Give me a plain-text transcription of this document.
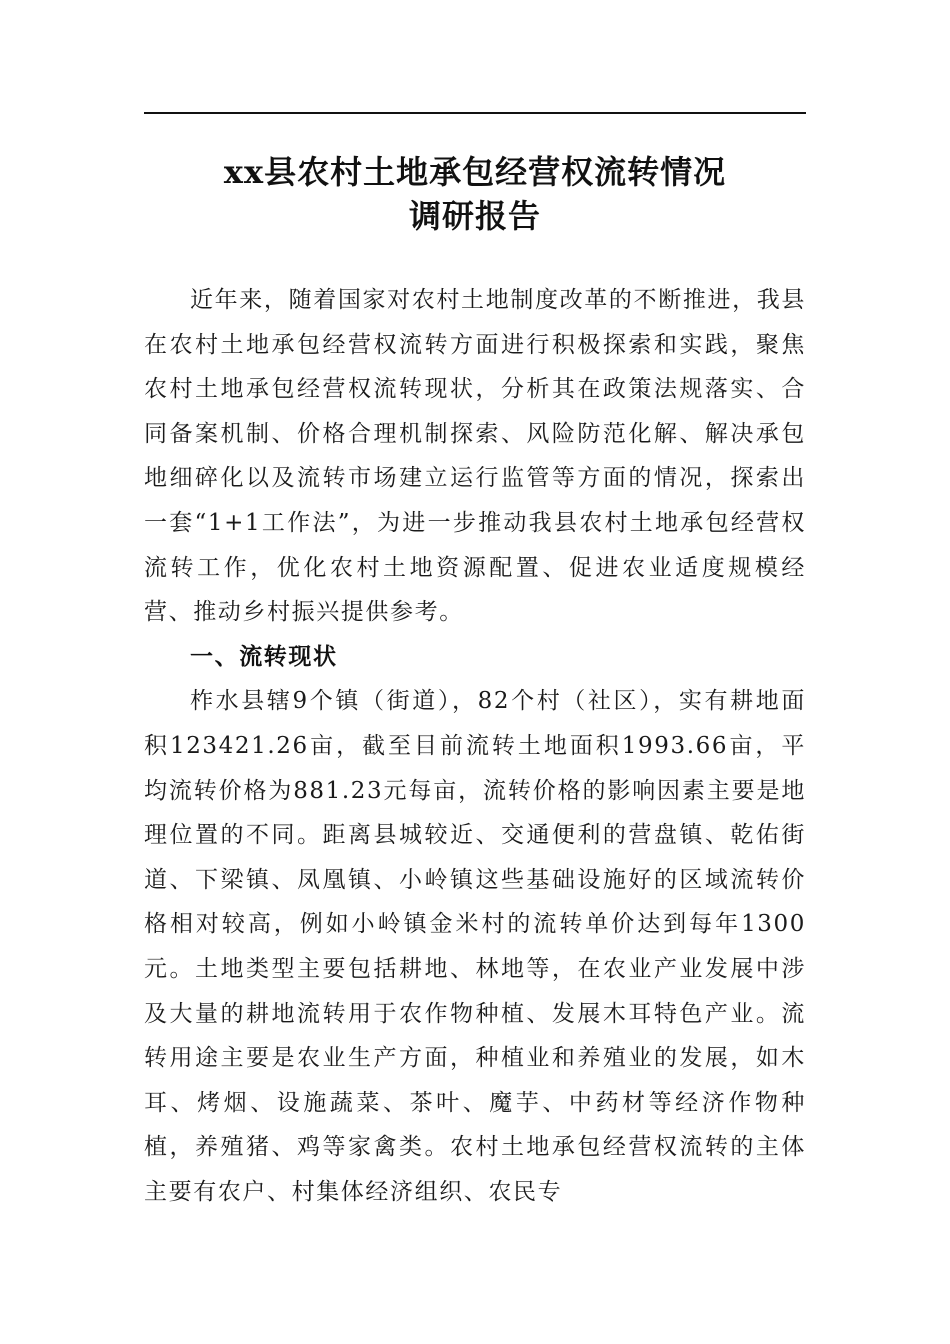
xx县农村土地承包经营权流转情况
调研报告

近年来，随着国家对农村土地制度改革的不断推进，我县在农村土地承包经营权流转方面进行积极探索和实践，聚焦农村土地承包经营权流转现状，分析其在政策法规落实、合同备案机制、价格合理机制探索、风险防范化解、解决承包地细碎化以及流转市场建立运行监管等方面的情况，探索出一套“1+1工作法”，为进一步推动我县农村土地承包经营权流转工作，优化农村土地资源配置、促进农业适度规模经营、推动乡村振兴提供参考。

一、流转现状

柞水县辖9个镇（街道），82个村（社区），实有耕地面积123421.26亩，截至目前流转土地面积1993.66亩，平均流转价格为881.23元每亩，流转价格的影响因素主要是地理位置的不同。距离县城较近、交通便利的营盘镇、乾佑街道、下梁镇、凤凰镇、小岭镇这些基础设施好的区域流转价格相对较高，例如小岭镇金米村的流转单价达到每年1300元。土地类型主要包括耕地、林地等，在农业产业发展中涉及大量的耕地流转用于农作物种植、发展木耳特色产业。流转用途主要是农业生产方面，种植业和养殖业的发展，如木耳、烤烟、设施蔬菜、茶叶、魔芋、中药材等经济作物种植，养殖猪、鸡等家禽类。农村土地承包经营权流转的主体主要有农户、村集体经济组织、农民专
